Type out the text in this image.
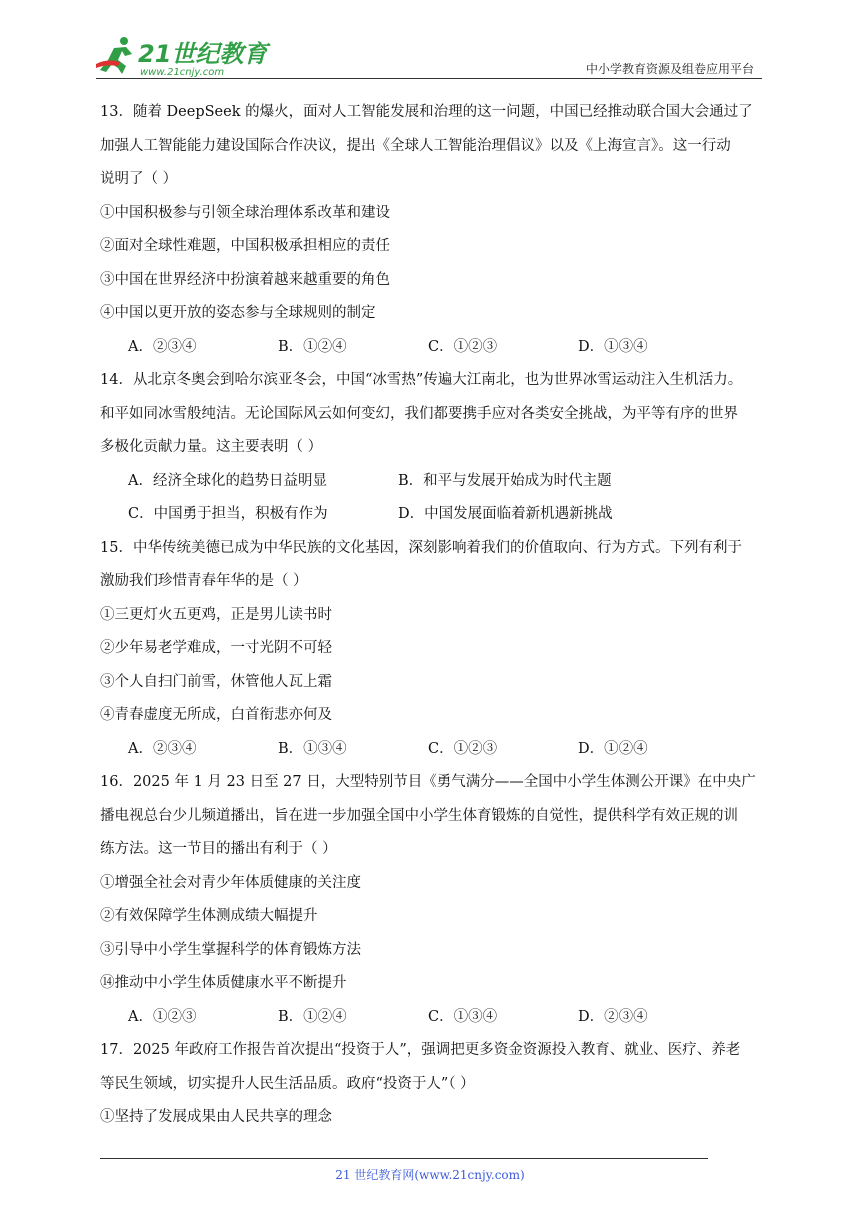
21世纪教育
www.21cnjy.com	中小学教育资源及组卷应用平台
13．随着 DeepSeek 的爆火，面对人工智能发展和治理的这一问题，中国已经推动联合国大会通过了
加强人工智能能力建设国际合作决议，提出《全球人工智能治理倡议》以及《上海宣言》。这一行动
说明了（ ）
①中国积极参与引领全球治理体系改革和建设
②面对全球性难题，中国积极承担相应的责任
③中国在世界经济中扮演着越来越重要的角色
④中国以更开放的姿态参与全球规则的制定
A．②③④	B．①②④	C．①②③	D．①③④
14．从北京冬奥会到哈尔滨亚冬会，中国“冰雪热”传遍大江南北，也为世界冰雪运动注入生机活力。
和平如同冰雪般纯洁。无论国际风云如何变幻，我们都要携手应对各类安全挑战，为平等有序的世界
多极化贡献力量。这主要表明（ ）
A．经济全球化的趋势日益明显	B．和平与发展开始成为时代主题
C．中国勇于担当，积极有作为	D．中国发展面临着新机遇新挑战
15．中华传统美德已成为中华民族的文化基因，深刻影响着我们的价值取向、行为方式。下列有利于
激励我们珍惜青春年华的是（ ）
①三更灯火五更鸡，正是男儿读书时
②少年易老学难成，一寸光阴不可轻
③个人自扫门前雪，休管他人瓦上霜
④青春虚度无所成，白首衔悲亦何及
A．②③④	B．①③④	C．①②③	D．①②④
16．2025 年 1 月 23 日至 27 日，大型特别节目《勇气满分——全国中小学生体测公开课》在中央广
播电视总台少儿频道播出，旨在进一步加强全国中小学生体育锻炼的自觉性，提供科学有效正规的训
练方法。这一节目的播出有利于（ ）
①增强全社会对青少年体质健康的关注度
②有效保障学生体测成绩大幅提升
③引导中小学生掌握科学的体育锻炼方法
⑭推动中小学生体质健康水平不断提升
A．①②③	B．①②④	C．①③④	D．②③④
17．2025 年政府工作报告首次提出“投资于人”，强调把更多资金资源投入教育、就业、医疗、养老
等民生领域，切实提升人民生活品质。政府“投资于人”（ ）
①坚持了发展成果由人民共享的理念
21 世纪教育网(www.21cnjy.com)
